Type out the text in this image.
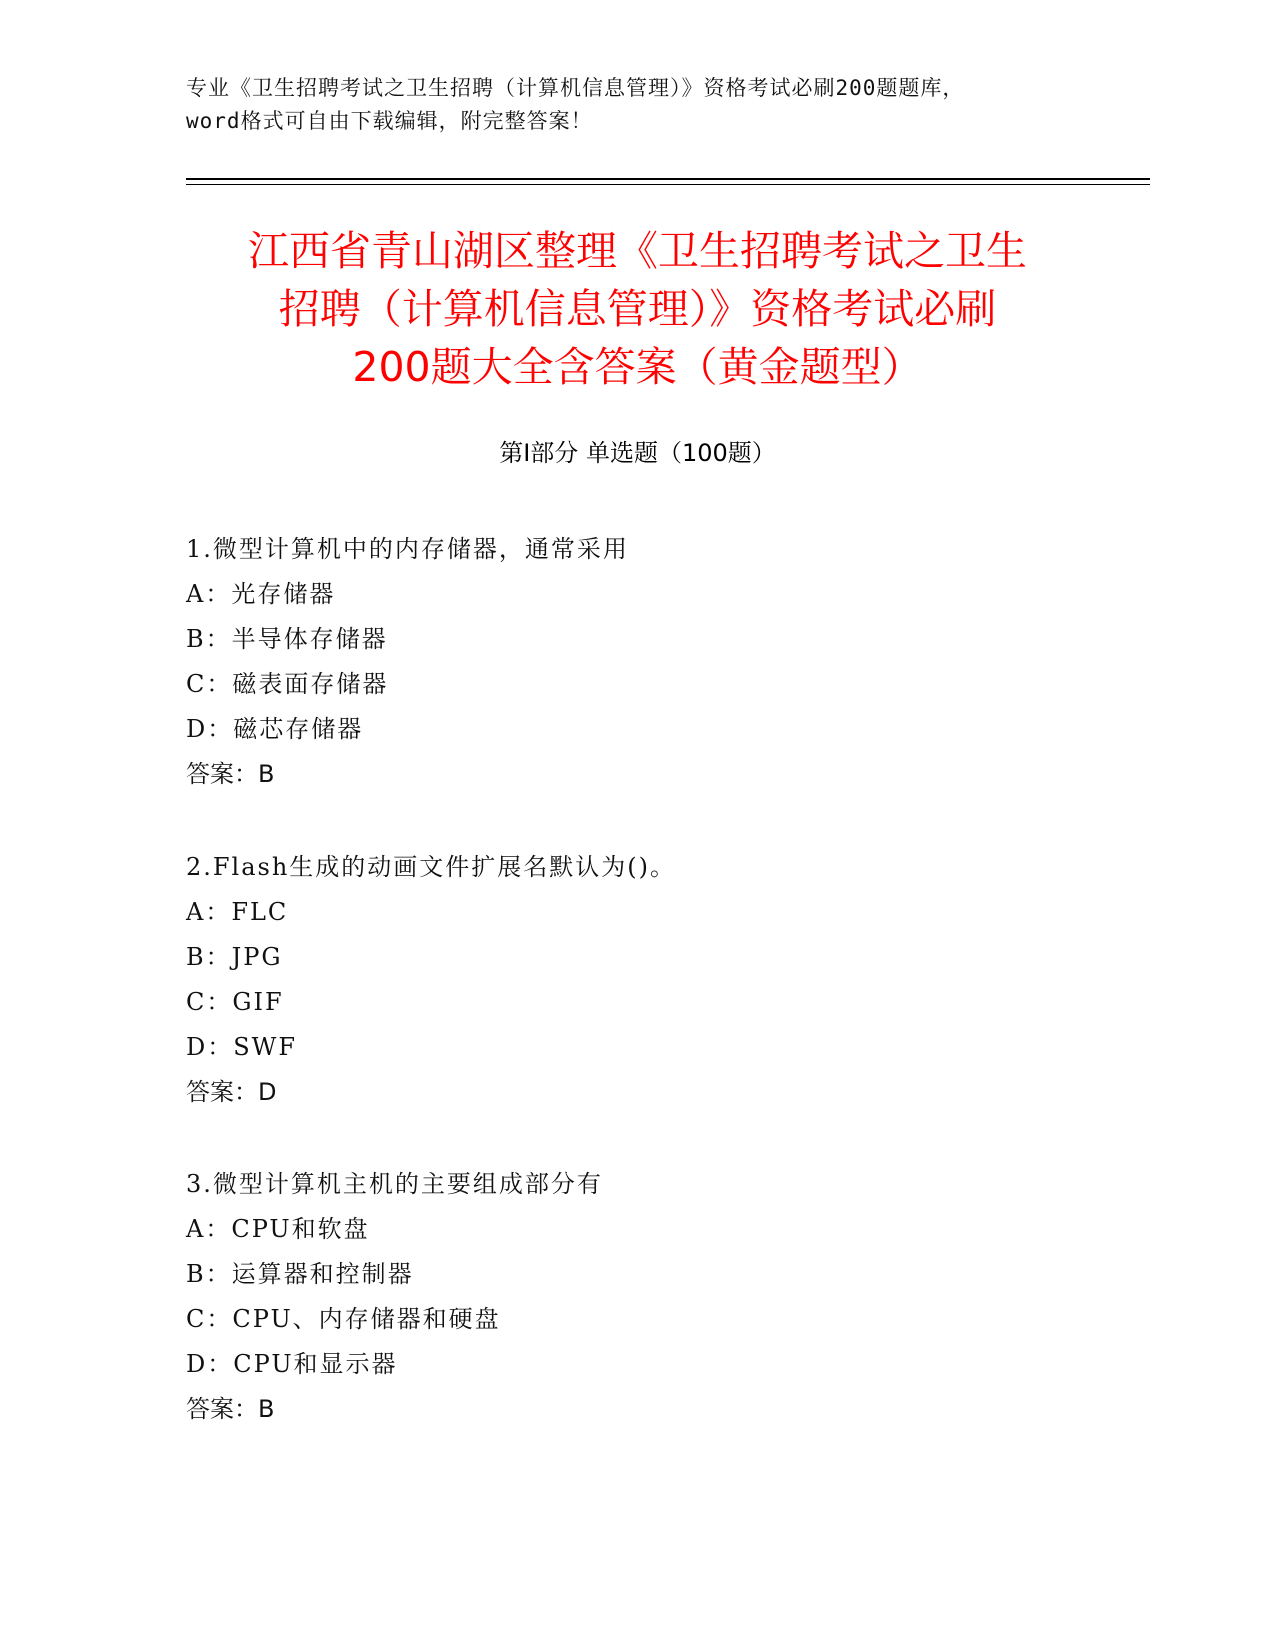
专业《卫生招聘考试之卫生招聘（计算机信息管理）》资格考试必刷200题题库，
word格式可自由下载编辑，附完整答案！
江西省青山湖区整理《卫生招聘考试之卫生
招聘（计算机信息管理）》资格考试必刷
200题大全含答案（黄金题型）
第Ⅰ部分 单选题（100题）
1.微型计算机中的内存储器，通常采用
A：光存储器
B：半导体存储器
C：磁表面存储器
D：磁芯存储器
答案：B
2.Flash生成的动画文件扩展名默认为()。
A：FLC
B：JPG
C：GIF
D：SWF
答案：D
3.微型计算机主机的主要组成部分有
A：CPU和软盘
B：运算器和控制器
C：CPU、内存储器和硬盘
D：CPU和显示器
答案：B
